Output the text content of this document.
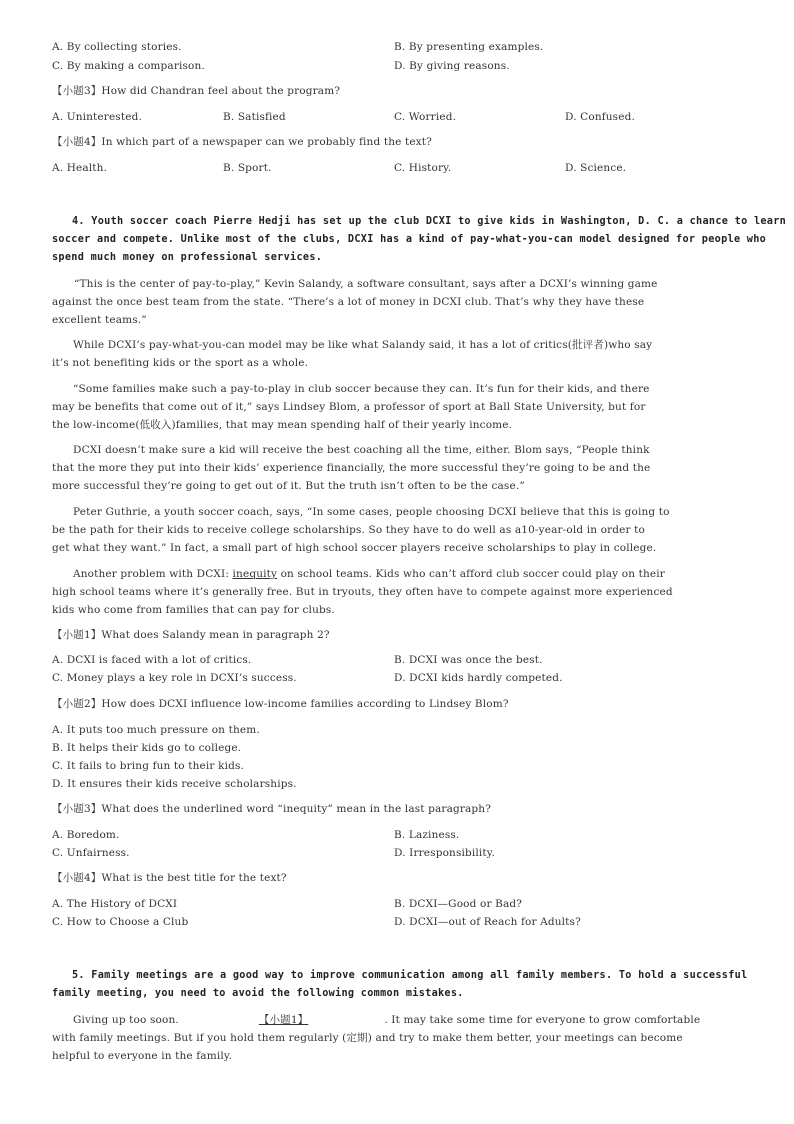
A. By collecting stories.	B. By presenting examples.
C. By making a comparison.	D. By giving reasons.
【小题3】How did Chandran feel about the program?
A. Uninterested.	B. Satisfied	C. Worried.	D. Confused.
【小题4】In which part of a newspaper can we probably find the text?
A. Health.	B. Sport.	C. History.	D. Science.
4. Youth soccer coach Pierre Hedji has set up the club DCXI to give kids in Washington, D. C. a chance to learn
soccer and compete. Unlike most of the clubs, DCXI has a kind of pay-what-you-can model designed for people who
spend much money on professional services.
“This is the center of pay-to-play,” Kevin Salandy, a software consultant, says after a DCXI’s winning game
against the once best team from the state. “There’s a lot of money in DCXI club. That’s why they have these
excellent teams.”
While DCXI’s pay-what-you-can model may be like what Salandy said, it has a lot of critics(批评者)who say
it’s not benefiting kids or the sport as a whole.
“Some families make such a pay-to-play in club soccer because they can. It’s fun for their kids, and there
may be benefits that come out of it,” says Lindsey Blom, a professor of sport at Ball State University, but for
the low-income(低收入)families, that may mean spending half of their yearly income.
DCXI doesn’t make sure a kid will receive the best coaching all the time, either. Blom says, “People think
that the more they put into their kids’ experience financially, the more successful they’re going to be and the
more successful they’re going to get out of it. But the truth isn’t often to be the case.”
Peter Guthrie, a youth soccer coach, says, “In some cases, people choosing DCXI believe that this is going to
be the path for their kids to receive college scholarships. So they have to do well as a10-year-old in order to
get what they want.” In fact, a small part of high school soccer players receive scholarships to play in college.
Another problem with DCXI: inequity on school teams. Kids who can’t afford club soccer could play on their
high school teams where it’s generally free. But in tryouts, they often have to compete against more experienced
kids who come from families that can pay for clubs.
【小题1】What does Salandy mean in paragraph 2?
A. DCXI is faced with a lot of critics.	B. DCXI was once the best.
C. Money plays a key role in DCXI’s success.	D. DCXI kids hardly competed.
【小题2】How does DCXI influence low-income families according to Lindsey Blom?
A. It puts too much pressure on them.
B. It helps their kids go to college.
C. It fails to bring fun to their kids.
D. It ensures their kids receive scholarships.
【小题3】What does the underlined word “inequity” mean in the last paragraph?
A. Boredom.	B. Laziness.
C. Unfairness.	D. Irresponsibility.
【小题4】What is the best title for the text?
A. The History of DCXI	B. DCXI—Good or Bad?
C. How to Choose a Club	D. DCXI—out of Reach for Adults?
5. Family meetings are a good way to improve communication among all family members. To hold a successful
family meeting, you need to avoid the following common mistakes.
Giving up too soon.	【小题1】	. It may take some time for everyone to grow comfortable
with family meetings. But if you hold them regularly (定期) and try to make them better, your meetings can become
helpful to everyone in the family.
